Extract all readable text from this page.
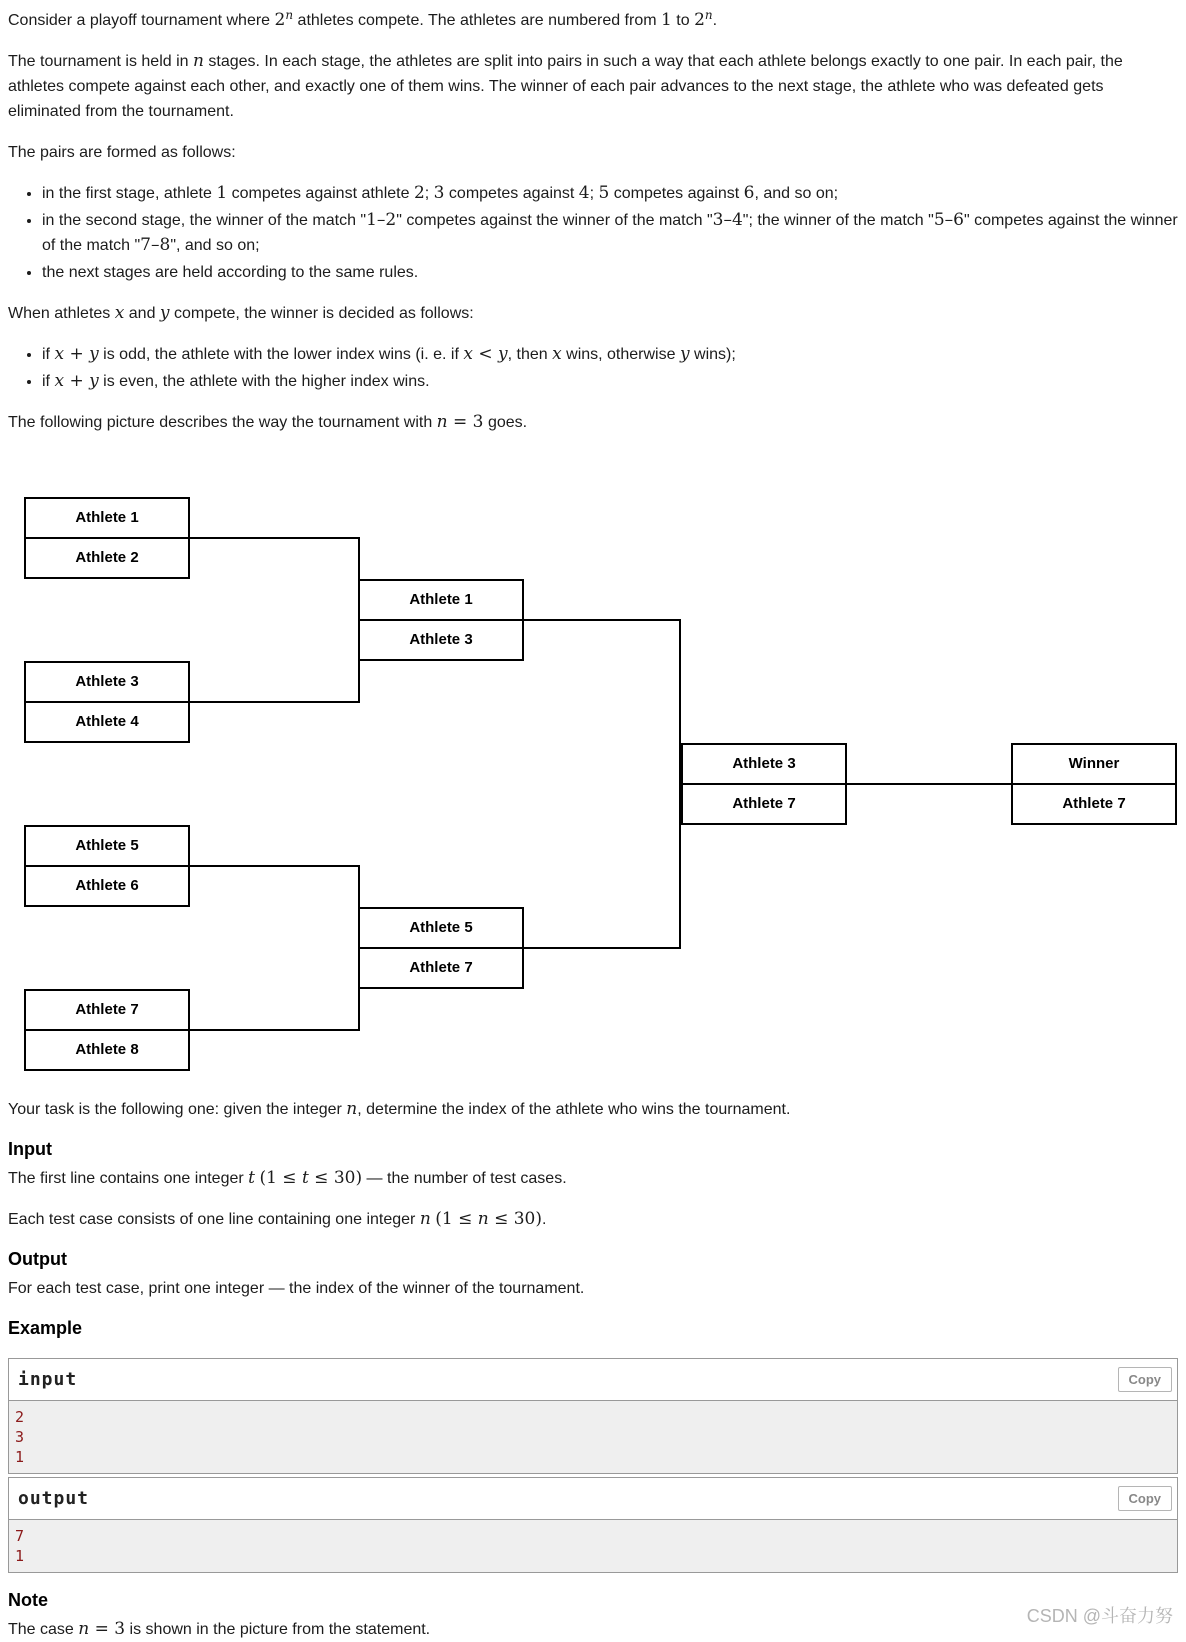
Consider a playoff tournament where 2$^n$ athletes compete. The athletes are numbered from 1 to 2$^n$.

The tournament is held in n stages. In each stage, the athletes are split into pairs in such a way that each athlete belongs exactly to one pair. In each pair, the athletes compete against each other, and exactly one of them wins. The winner of each pair advances to the next stage, the athlete who was defeated gets eliminated from the tournament.

The pairs are formed as follows:

• in the first stage, athlete 1 competes against athlete 2; 3 competes against 4; 5 competes against 6, and so on;
• in the second stage, the winner of the match "1–2" competes against the winner of the match "3–4"; the winner of the match "5–6" competes against the winner of the match "7–8", and so on;
• the next stages are held according to the same rules.

When athletes x and y compete, the winner is decided as follows:

• if x + y is odd, the athlete with the lower index wins (i. e. if x < y, then x wins, otherwise y wins);
• if x + y is even, the athlete with the higher index wins.

The following picture describes the way the tournament with n = 3 goes.

Athlete 1
Athlete 2
Athlete 3
Athlete 4
Athlete 5
Athlete 6
Athlete 7
Athlete 8
Athlete 1
Athlete 3
Athlete 5
Athlete 7
Athlete 3
Athlete 7
Winner
Athlete 7

Your task is the following one: given the integer n, determine the index of the athlete who wins the tournament.

Input

The first line contains one integer t (1 ≤ t ≤ 30) — the number of test cases.

Each test case consists of one line containing one integer n (1 ≤ n ≤ 30).

Output

For each test case, print one integer — the index of the winner of the tournament.

Example
input	Copy
2
3
1
output	Copy
7
1
Note

The case n = 3 is shown in the picture from the statement.

CSDN @斗奋力努
